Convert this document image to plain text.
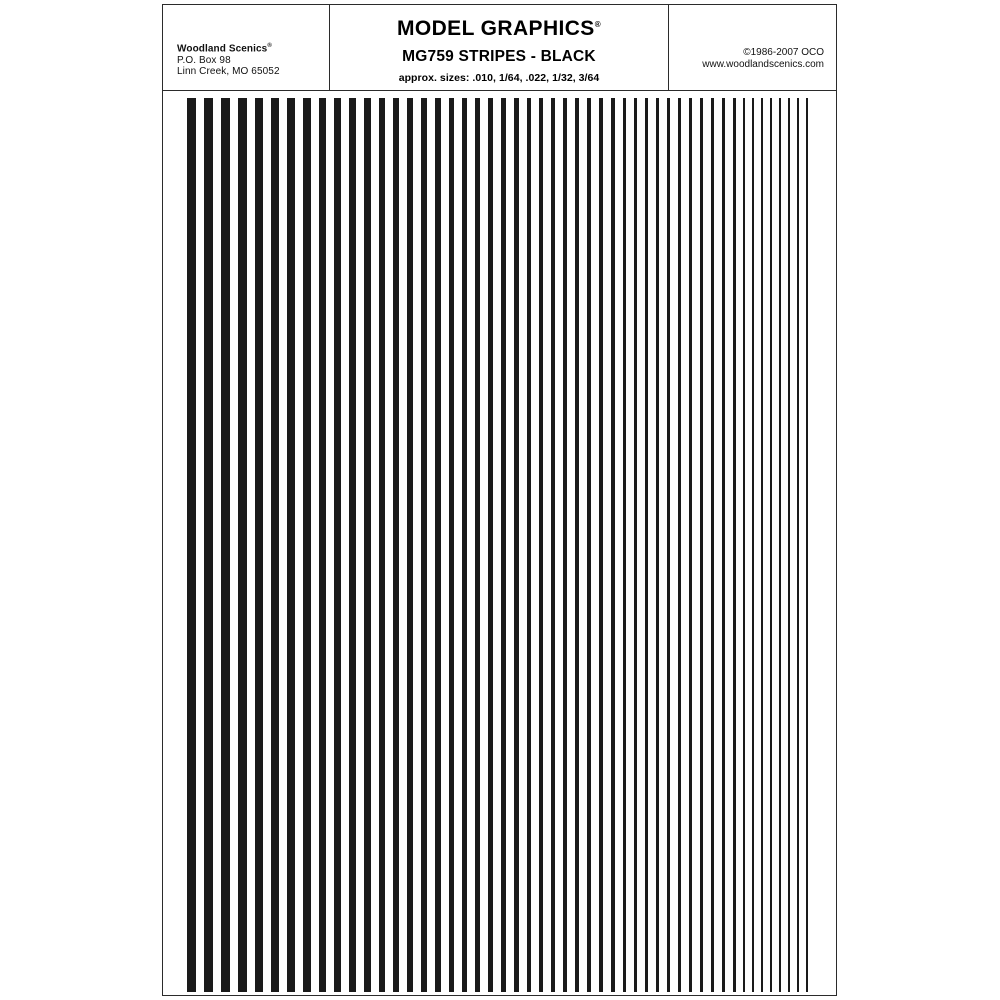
Woodland Scenics®
P.O. Box 98
Linn Creek, MO 65052
MODEL GRAPHICS®
MG759 STRIPES - BLACK
approx. sizes: .010, 1/64, .022, 1/32, 3/64
©1986-2007 OCO
www.woodlandscenics.com
